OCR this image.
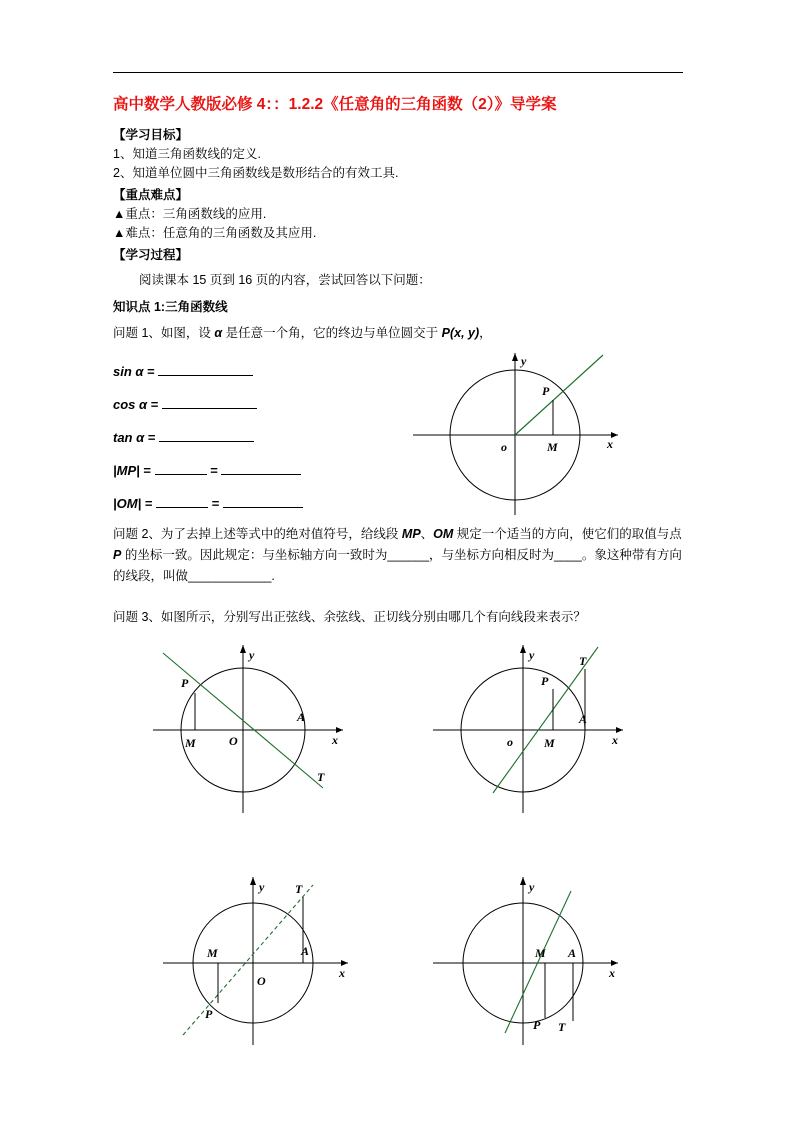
高中数学人教版必修 4：：1.2.2《任意角的三角函数（2）》导学案
【学习目标】
1、知道三角函数线的定义.
2、知道单位圆中三角函数线是数形结合的有效工具.
【重点难点】
▲重点：三角函数线的应用.
▲难点：任意角的三角函数及其应用.
【学习过程】
阅读课本 15 页到 16 页的内容，尝试回答以下问题：
知识点 1:三角函数线
问题 1、如图，设 α 是任意一个角，它的终边与单位圆交于 P(x, y)，
sin α =
cos α =
tan α =
|MP| =	=
|OM| =	=
y
x
P
M
o
问题 2、为了去掉上述等式中的绝对值符号，给线段 MP、OM 规定一个适当的方向，使它们的取值与点 P 的坐标一致。因此规定：与坐标轴方向一致时为______，与坐标方向相反时为____。象这种带有方向的线段，叫做____________.
问题 3、如图所示，分别写出正弦线、余弦线、正切线分别由哪几个有向线段来表示？
y
x
P
M	O
A
T
y
x
P
M
o
A
T
y
x
P
M
O
A
T	y
x
P
M A
T
